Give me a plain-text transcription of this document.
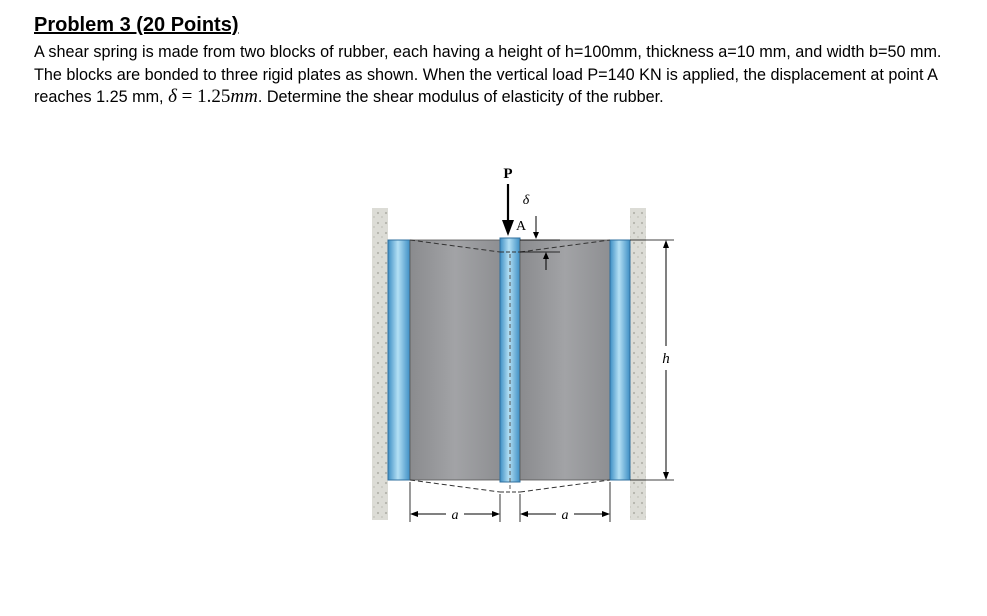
Problem 3 (20 Points)

A shear spring is made from two blocks of rubber, each having a height of h=100mm, thickness a=10 mm, and width b=50 mm. The blocks are bonded to three rigid plates as shown. When the vertical load P=140 KN is applied, the displacement at point A reaches 1.25 mm, δ = 1.25mm. Determine the shear modulus of elasticity of the rubber.

P
δ
A
h
a	a
